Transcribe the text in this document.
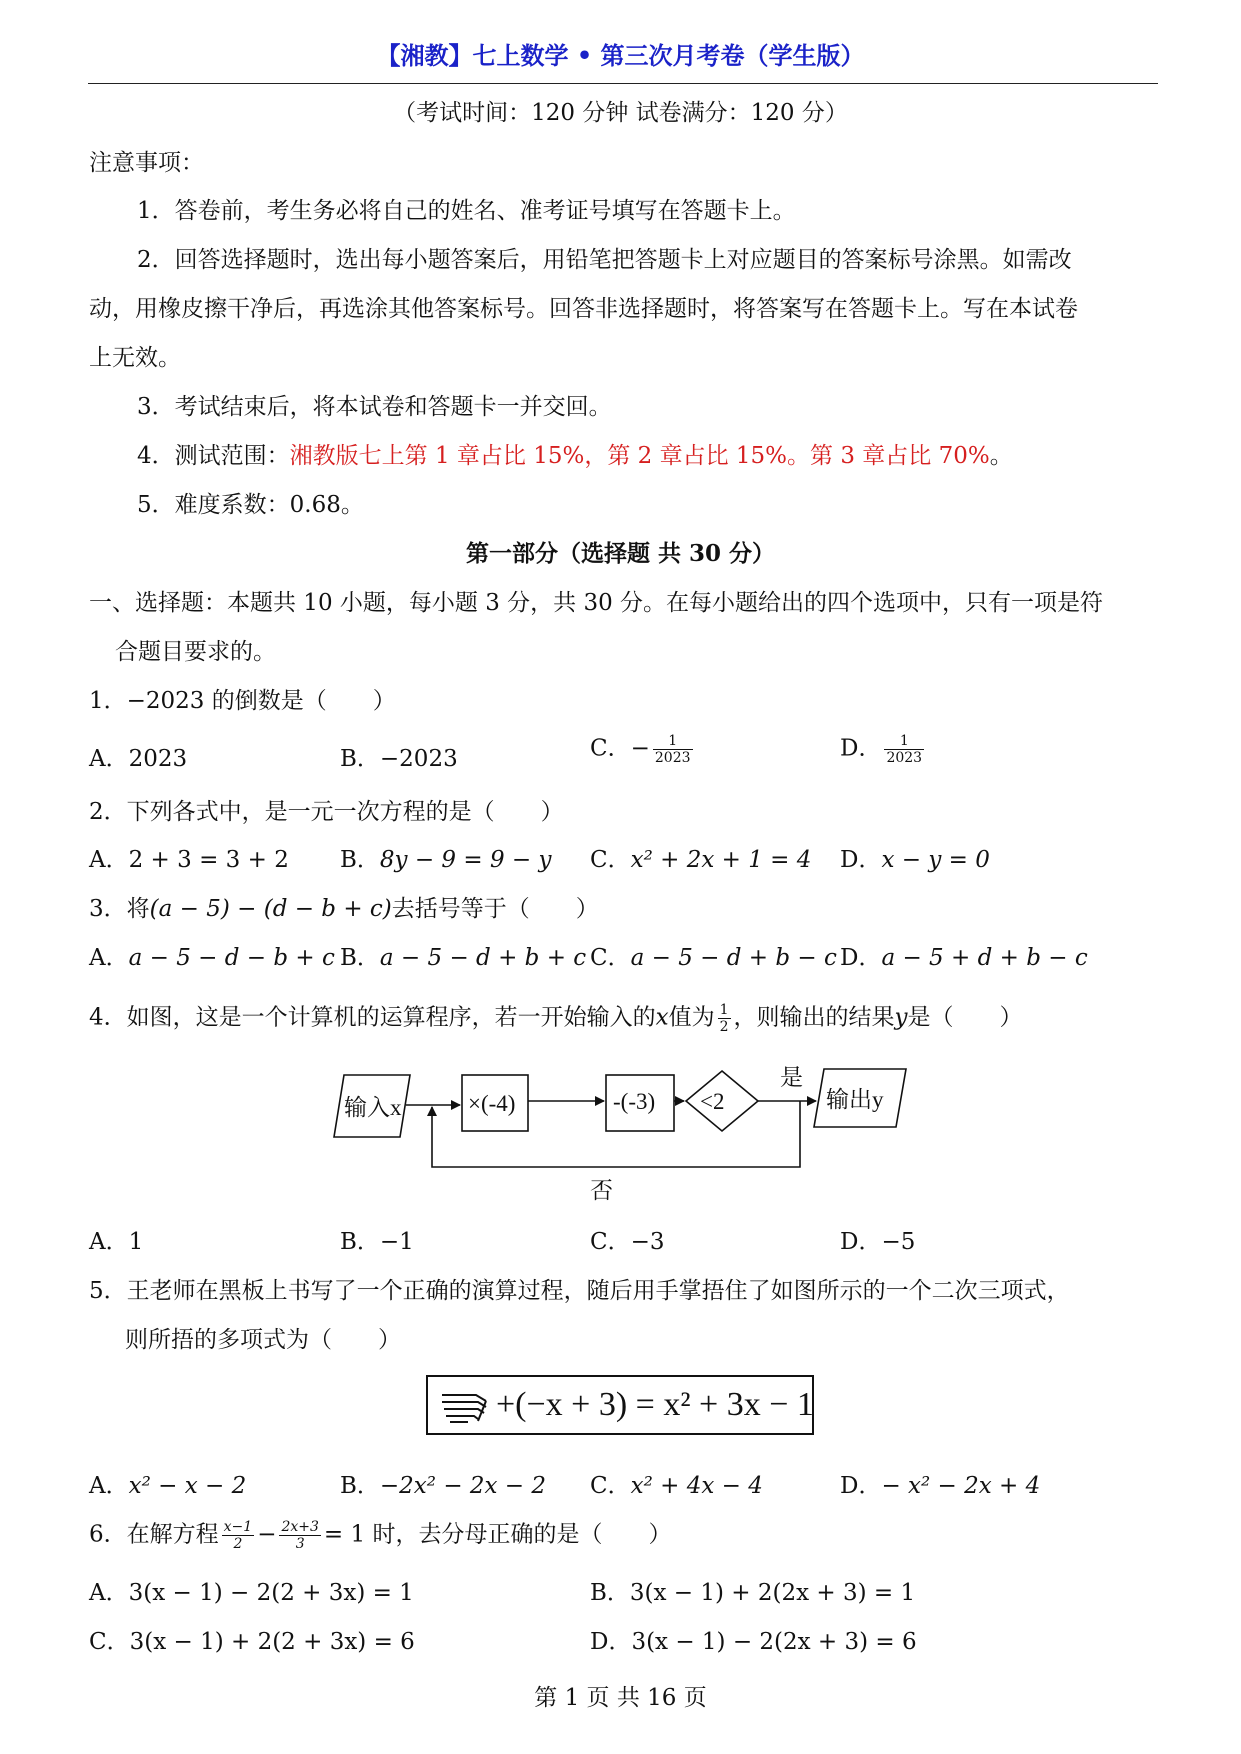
【湘教】七上数学 • 第三次月考卷（学生版）
（考试时间：120 分钟 试卷满分：120 分）
注意事项：
1．答卷前，考生务必将自己的姓名、准考证号填写在答题卡上。
2．回答选择题时，选出每小题答案后，用铅笔把答题卡上对应题目的答案标号涂黑。如需改
动，用橡皮擦干净后，再选涂其他答案标号。回答非选择题时，将答案写在答题卡上。写在本试卷
上无效。
3．考试结束后，将本试卷和答题卡一并交回。
4．测试范围：湘教版七上第 1 章占比 15%，第 2 章占比 15%。第 3 章占比 70%。
5．难度系数：0.68。
第一部分（选择题 共 30 分）
一、选择题：本题共 10 小题，每小题 3 分，共 30 分。在每小题给出的四个选项中，只有一项是符
合题目要求的。
1．−2023 的倒数是（　　）
A．2023	B．−2023	C．− $\frac{1}{2023}$	D． $\frac{1}{2023}$
2．下列各式中，是一元一次方程的是（　　）
A．2 + 3 = 3 + 2 B．8y − 9 = 9 − y C．x² + 2x + 1 = 4 D．x − y = 0
3．将(a − 5) − (d − b + c)去括号等于（　　）
A．a − 5 − d − b + c B．a − 5 − d + b + c C．a − 5 − d + b − c D．a − 5 + d + b − c
4．如图，这是一个计算机的运算程序，若一开始输入的x值为 $\frac{1}{2}$ ，则输出的结果y是（　　）
输入x	×(-4)	-(-3) <2
是
输出y
否
A．1	B．−1	C．−3	D．−5
5．王老师在黑板上书写了一个正确的演算过程，随后用手掌捂住了如图所示的一个二次三项式，
则所捂的多项式为（　　）
+(−x + 3) = x² + 3x − 1
A．x² − x − 2	B．−2x² − 2x − 2 C．x² + 4x − 4	D．− x² − 2x + 4
6．在解方程 $\frac{x-1}{2} - \frac{2x+3}{3} = 1$ 时，去分母正确的是（　　）
A．3(x − 1) − 2(2 + 3x) = 1	B．3(x − 1) + 2(2x + 3) = 1
C．3(x − 1) + 2(2 + 3x) = 6	D．3(x − 1) − 2(2x + 3) = 6
第 1 页 共 16 页
